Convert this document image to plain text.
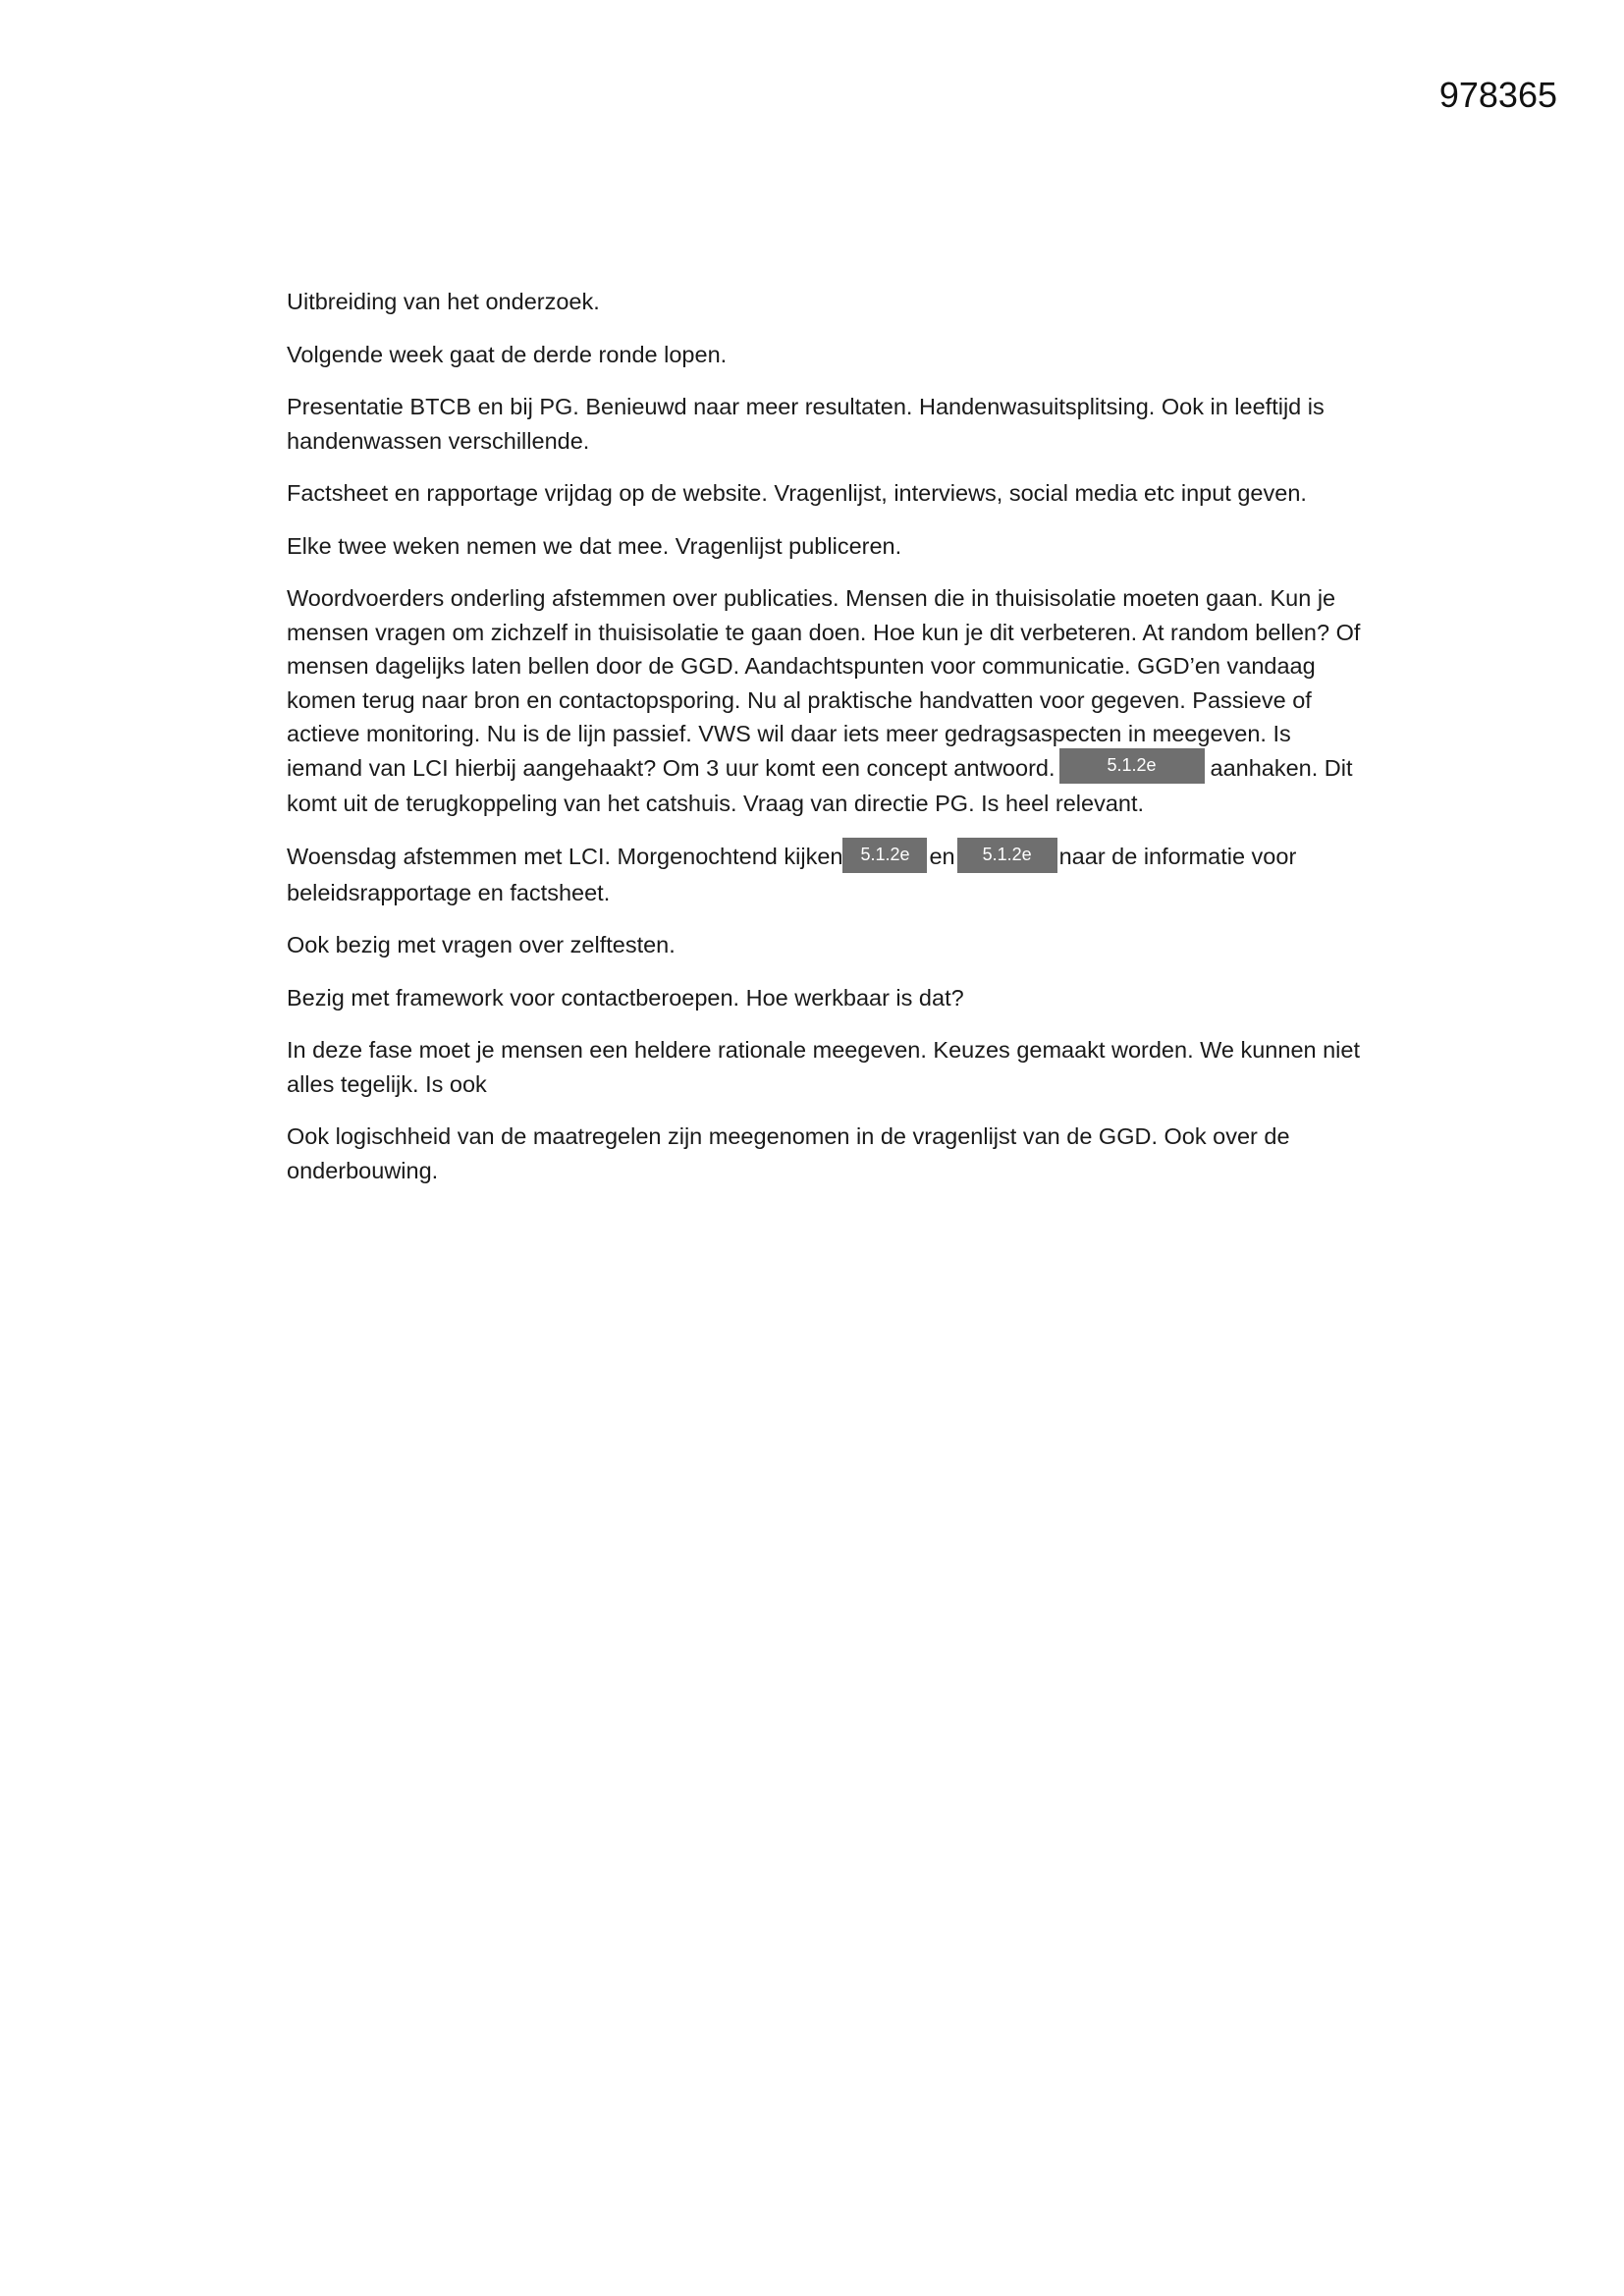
978365

Uitbreiding van het onderzoek.

Volgende week gaat de derde ronde lopen.

Presentatie BTCB en bij PG. Benieuwd naar meer resultaten. Handenwasuitsplitsing. Ook in leeftijd is handenwassen verschillende.

Factsheet en rapportage vrijdag op de website. Vragenlijst, interviews, social media etc input geven.

Elke twee weken nemen we dat mee. Vragenlijst publiceren.

Woordvoerders onderling afstemmen over publicaties. Mensen die in thuisisolatie moeten gaan. Kun je mensen vragen om zichzelf in thuisisolatie te gaan doen. Hoe kun je dit verbeteren. At random bellen? Of mensen dagelijks laten bellen door de GGD. Aandachtspunten voor communicatie. GGD’en vandaag komen terug naar bron en contactopsporing. Nu al praktische handvatten voor gegeven. Passieve of actieve monitoring. Nu is de lijn passief. VWS wil daar iets meer gedragsaspecten in meegeven. Is iemand van LCI hierbij aangehaakt? Om 3 uur komt een concept antwoord.	5.1.2e aanhaken. Dit komt uit de terugkoppeling van het catshuis. Vraag van directie PG. Is heel relevant.

Woensdag afstemmen met LCI. Morgenochtend kijken 5.1.2e en 5.1.2e naar de informatie voor beleidsrapportage en factsheet.

Ook bezig met vragen over zelftesten.

Bezig met framework voor contactberoepen. Hoe werkbaar is dat?

In deze fase moet je mensen een heldere rationale meegeven. Keuzes gemaakt worden. We kunnen niet alles tegelijk. Is ook

Ook logischheid van de maatregelen zijn meegenomen in de vragenlijst van de GGD. Ook over de onderbouwing.
